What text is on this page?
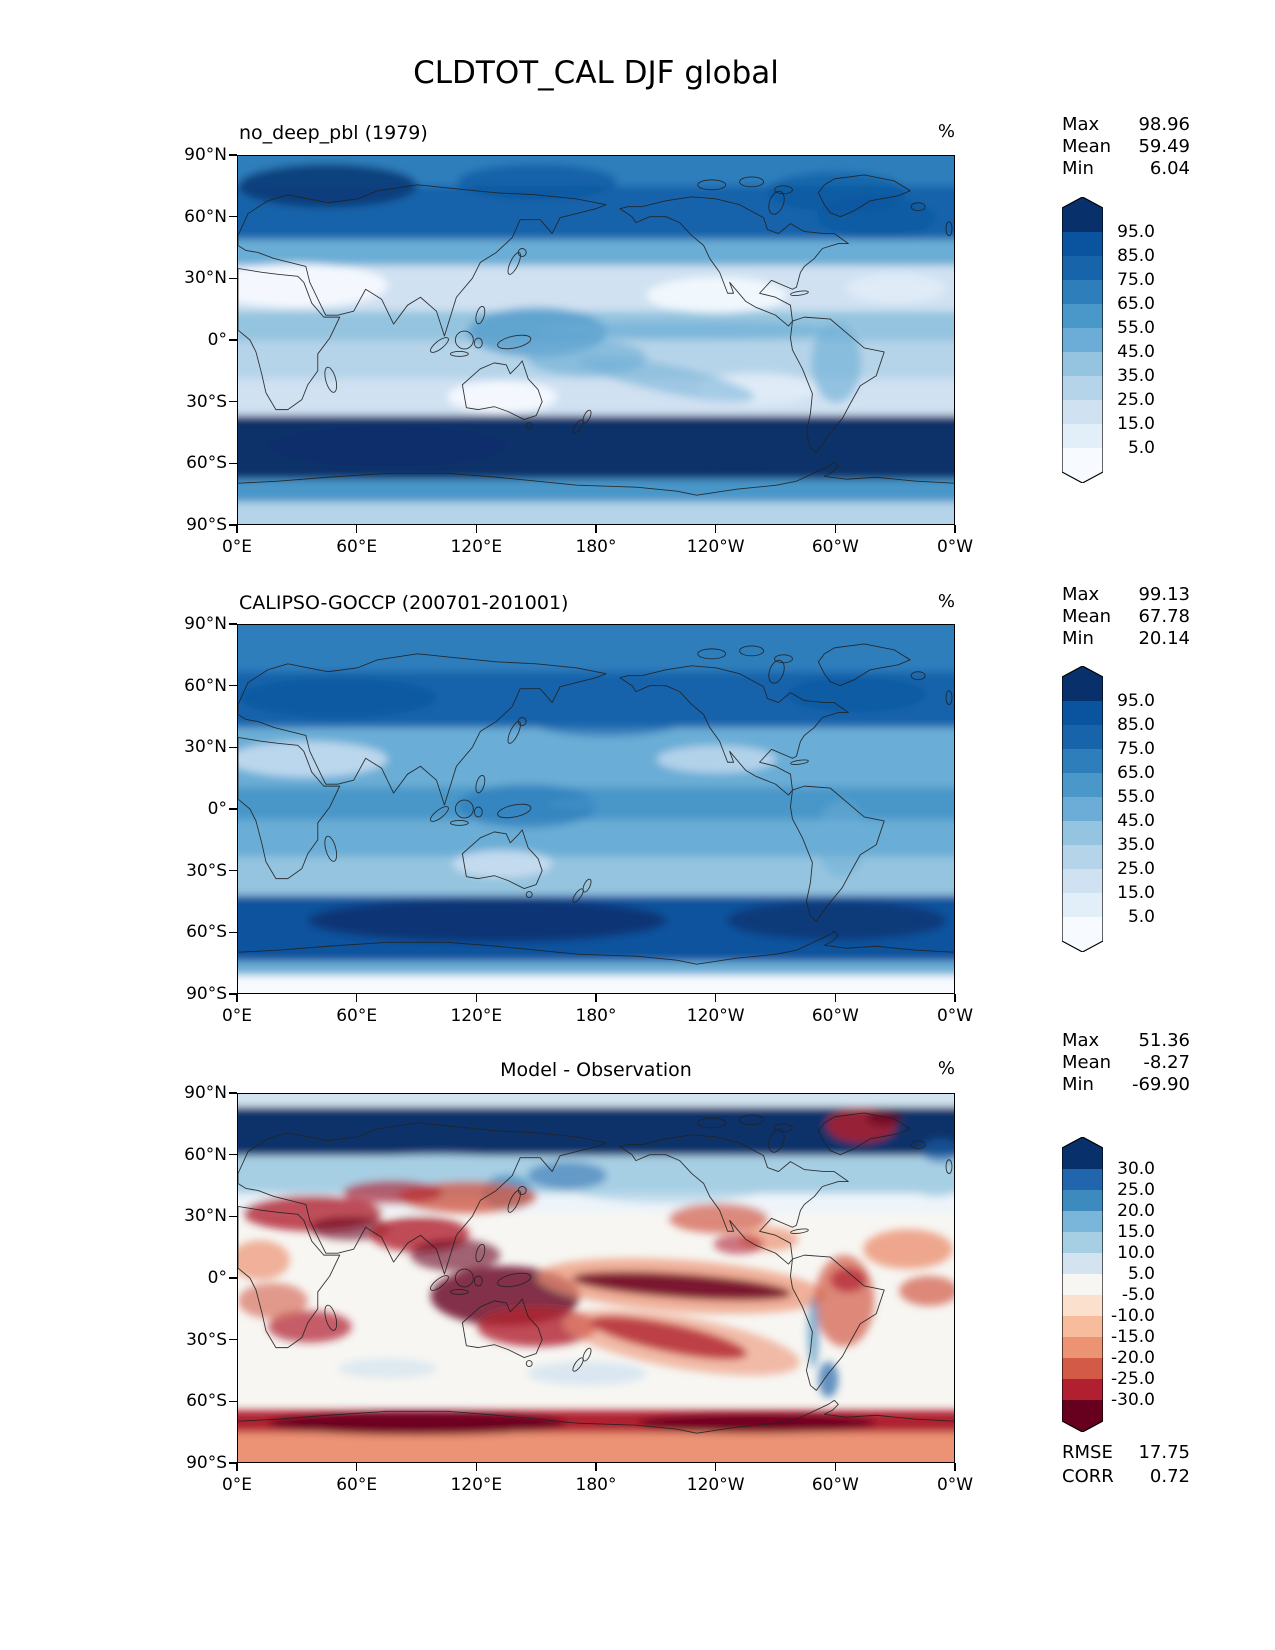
CLDTOT_CAL DJF global
no_deep_pbl (1979)	%	Max 98.96
Mean 59.49
Min	6.04
CALIPSO-GOCCP (200701-201001)	%	Max 99.13
Mean 67.78
Min 20.14
Model - Observation	%
Max 51.36
Mean -8.27
Min -69.90
RMSE 17.75
CORR 0.72
90°N
60°N
30°N
0°
30°S
60°S
90°S
0°E	60°E	120°E	180°	120°W	60°W	0°W
90°N
60°N
30°N
0°
30°S
60°S
90°S
0°E	60°E	120°E	180°	120°W	60°W	0°W
90°N
60°N
30°N
0°
30°S
60°S
90°S
0°E	60°E	120°E	180°	120°W	60°W	0°W
95.0
85.0
75.0
65.0
55.0
45.0
35.0
25.0
15.0
5.0
95.0
85.0
75.0
65.0
55.0
45.0
35.0
25.0
15.0
5.0
30.0
25.0
20.0
15.0
10.0
5.0
-5.0
-10.0
-15.0
-20.0
-25.0
-30.0
